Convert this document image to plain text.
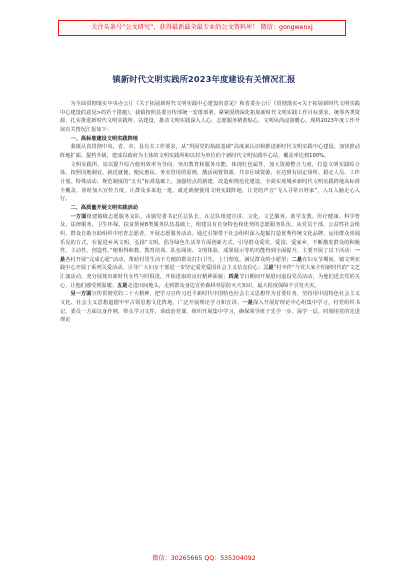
关注头条号“公文研究”，获得最新最全最专业的公文资料库！ 微信：gongwenxj
镇新时代文明实践所2023年度建设有关情况汇报

为全面贯彻落实中央办公厅《关于拓展新时代文明实践中心建设的意见》和省委办公厅《贯彻落实<关于拓展新时代文明实践中心建设的意见>的若干措施》，我镇按照县委宣传部统一安排部署，紧紧围绕深化拓展新时代文明实践工作目标要求，统筹各类资源，扎实推进新时代文明实践所、站建设，推动文明实践深入人心，志愿服务精准贴心，文明风尚浸润暖心。现将2023年度工作开展有关情况汇报如下：

一、高标准建设文明实践阵地

我镇认真贯彻中央、省、市、县有关工作要求，从“巩固党的执政基础”高度来认识和推进新时代文明实践中心建设，加快推动阵地扩面、提档升级，建成以政府为主体的文明实践所和以村为单位的个新时代文明实践中心站，覆盖率达到100%。

文明实践所、站以提升综合使用效率为导向，突出教育和服务功能，体现红色属性，加大资源整合力度，打造文明实践综合体。按照因地制宜、就近就便、便民惠民、务实管用的原则，激活闲置资源，共享区域资源，在达到有固定场所、稳定人员、工作计划、特殊活动、规范制度的“五有”标准基础上，加强结点的新建、改造和规范化建设，全面实现城乡新时代文明实践阵地高标准全覆盖，同时加大宣传力度，让群众多来逛一逛，就近就便使用文明实践阵地，让党的声音“飞入寻常百姓家”，入耳入脑走心入行。

二、高质量开展文明实践活动

一方面组建镇级志愿服务支队，由镇党委书记任总队长，在总队组建宣讲、文化、文艺服务、助学支教、医疗健康、科学普及、法律服务、卫生环保、扶贫帮困8类服务队伍基础上，组建具有自身特色和优势的志愿服务队伍，从党员干部、公益性社会组织，群众自助互助组织中培育志愿者，开展志愿服务活动。通过引领带干社会组织深入挖掘打造优秀传统文化品牌，运用群众喜闻乐见的方式，在促进乡风文明、弘扬“文明、倡导绿色生活等方面创新方式，引导群众爱党、爱国、爱家乡，不断激发群众的积极性、主动性、创造性。”便相得和教、教育培训、队伍阅读、文明体验，成果展示等的功能得到全面提升，主要开展了以下活动：一是各村开展“完成心愿”活动，帮助村里生活不方便的群众打扫卫生，上门理发，满足群众的小愿望；二是在妇女节期间，镇文明实践中心开展了系列关爱活动，引导广大妇女干部进一步坚定爱党爱国社会主义信念信心；三是“村卒伴”与党大家介绍新时代的“文艺汇演活动，充分展现出新时代女性与时俱进，开拓进取的良好精神面貌；四是节日期间开展慰问退役党员活动，为他们送去党的关心，让他们感受到温暖；五是走进田间地头，走到群众身边宣传森林草原防灭火知识，最大程度保障不引发火灾。

另一方面宣传贯彻党的二十大精神，把学习宣传习近平新时代中国特色社会主义思想作为首要任务，坚持用中国特色社会主义文化、社会主义思想道德牢牢占领思想文化阵地，广泛开展理论学习和宣讲。一是深入开展好理论中心组集中学习，村党组织书记、委员一方面以身作则，带头学习文件，讲政治党课，组织开展集中学习，确保领导班子先学一步，深学一层，时刻用党的先进理论

微信：30265665 QQ：535304092
